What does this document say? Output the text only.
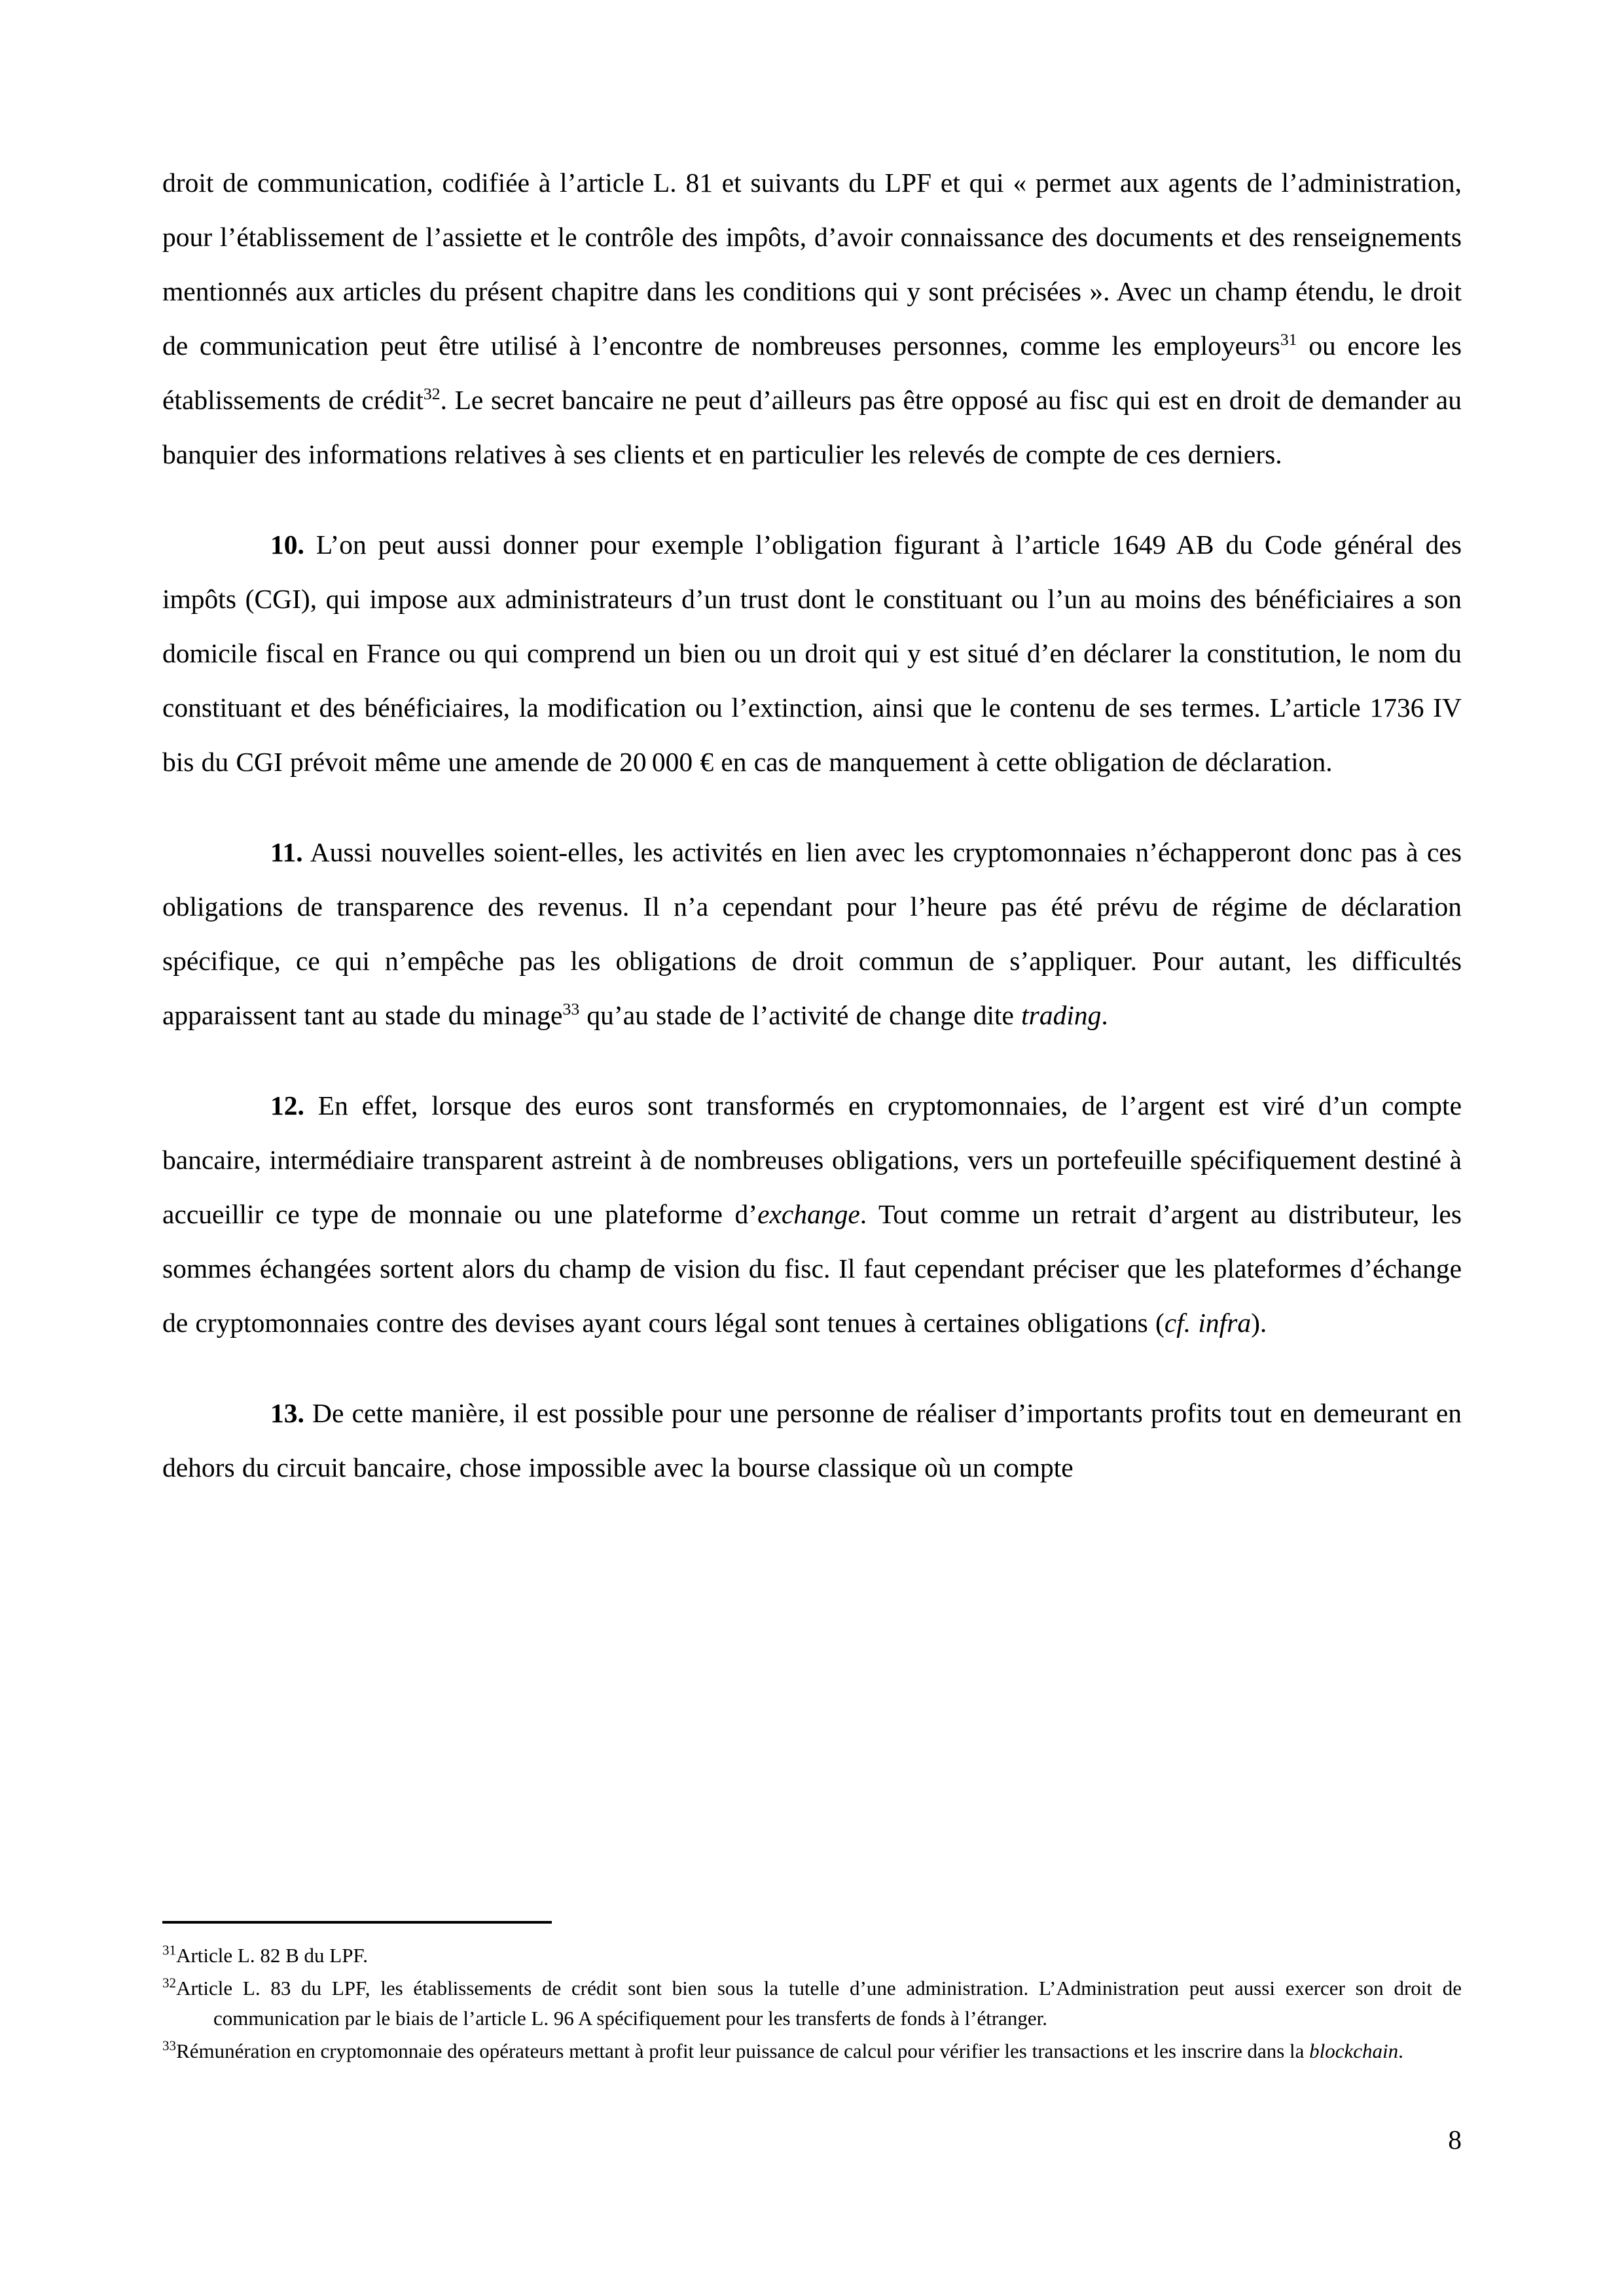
droit de communication, codifiée à l’article L. 81 et suivants du LPF et qui « permet aux agents de l’administration, pour l’établissement de l’assiette et le contrôle des impôts, d’avoir connaissance des documents et des renseignements mentionnés aux articles du présent chapitre dans les conditions qui y sont précisées ». Avec un champ étendu, le droit de communication peut être utilisé à l’encontre de nombreuses personnes, comme les employeurs$^{31}$ ou encore les établissements de crédit$^{32}$. Le secret bancaire ne peut d’ailleurs pas être opposé au fisc qui est en droit de demander au banquier des informations relatives à ses clients et en particulier les relevés de compte de ces derniers.

10. L’on peut aussi donner pour exemple l’obligation figurant à l’article 1649 AB du Code général des impôts (CGI), qui impose aux administrateurs d’un trust dont le constituant ou l’un au moins des bénéficiaires a son domicile fiscal en France ou qui comprend un bien ou un droit qui y est situé d’en déclarer la constitution, le nom du constituant et des bénéficiaires, la modification ou l’extinction, ainsi que le contenu de ses termes. L’article 1736 IV bis du CGI prévoit même une amende de 20 000 € en cas de manquement à cette obligation de déclaration.

11. Aussi nouvelles soient-elles, les activités en lien avec les cryptomonnaies n’échapperont donc pas à ces obligations de transparence des revenus. Il n’a cependant pour l’heure pas été prévu de régime de déclaration spécifique, ce qui n’empêche pas les obligations de droit commun de s’appliquer. Pour autant, les difficultés apparaissent tant au stade du minage$^{33}$ qu’au stade de l’activité de change dite trading.

12. En effet, lorsque des euros sont transformés en cryptomonnaies, de l’argent est viré d’un compte bancaire, intermédiaire transparent astreint à de nombreuses obligations, vers un portefeuille spécifiquement destiné à accueillir ce type de monnaie ou une plateforme d’exchange. Tout comme un retrait d’argent au distributeur, les sommes échangées sortent alors du champ de vision du fisc. Il faut cependant préciser que les plateformes d’échange de cryptomonnaies contre des devises ayant cours légal sont tenues à certaines obligations (cf. infra).

13. De cette manière, il est possible pour une personne de réaliser d’importants profits tout en demeurant en dehors du circuit bancaire, chose impossible avec la bourse classique où un compte

$^{31}$Article L. 82 B du LPF.

$^{32}$Article L. 83 du LPF, les établissements de crédit sont bien sous la tutelle d’une administration. L’Administration peut aussi exercer son droit de communication par le biais de l’article L. 96 A spécifiquement pour les transferts de fonds à l’étranger.

$^{33}$Rémunération en cryptomonnaie des opérateurs mettant à profit leur puissance de calcul pour vérifier les transactions et les inscrire dans la blockchain.

8
